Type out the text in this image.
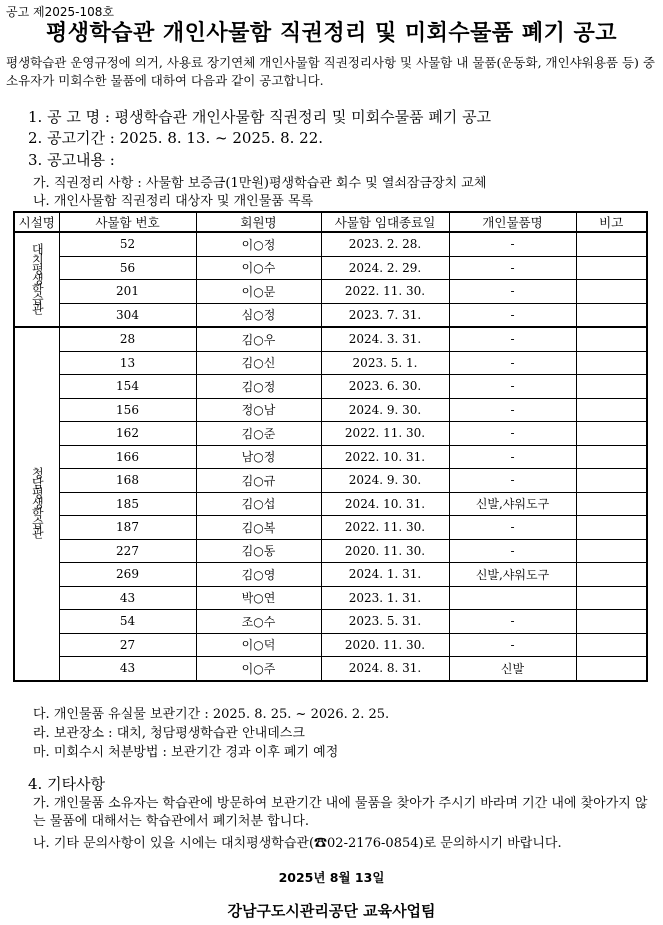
공고 제2025-108호
평생학습관 개인사물함 직권정리 및 미회수물품 폐기 공고
평생학습관 운영규정에 의거, 사용료 장기연체 개인사물함 직권정리사항 및 사물함 내 물품(운동화, 개인샤워용품 등) 중 소유자가 미회수한 물품에 대하여 다음과 같이 공고합니다.
1. 공 고 명 : 평생학습관 개인사물함 직권정리 및 미회수물품 폐기 공고
2. 공고기간 : 2025. 8. 13. ~ 2025. 8. 22.
3. 공고내용 :
가. 직권정리 사항 : 사물함 보증금(1만원)평생학습관 회수 및 열쇠잠금장치 교체
나. 개인사물함 직권정리 대상자 및 개인물품 목록
시설명	사물함 번호	회원명	사물함 임대종료일	개인물품명	비고
대치평생학습관	52	이○정	2023. 2. 28.	-	
	56	이○수	2024. 2. 29.	-	
	201	이○문	2022. 11. 30.	-	
	304	심○정	2023. 7. 31.	-	
청담평생학습관	28	김○우	2024. 3. 31.	-	
	13	김○신	2023. 5. 1.	-	
	154	김○정	2023. 6. 30.	-	
	156	정○남	2024. 9. 30.	-	
	162	김○준	2022. 11. 30.	-	
	166	남○정	2022. 10. 31.	-	
	168	김○규	2024. 9. 30.	-	
	185	김○섭	2024. 10. 31.	신발,샤워도구	
	187	김○복	2022. 11. 30.	-	
	227	김○동	2020. 11. 30.	-	
	269	김○영	2024. 1. 31.	신발,샤워도구	
	43	박○연	2023. 1. 31.		
	54	조○수	2023. 5. 31.	-	
	27	이○덕	2020. 11. 30.	-	
	43	이○주	2024. 8. 31.	신발	
다. 개인물품 유실물 보관기간 : 2025. 8. 25. ~ 2026. 2. 25.
라. 보관장소 : 대치, 청담평생학습관 안내데스크
마. 미회수시 처분방법 : 보관기간 경과 이후 폐기 예정
4. 기타사항
가. 개인물품 소유자는 학습관에 방문하여 보관기간 내에 물품을 찾아가 주시기 바라며 기간 내에 찾아가지 않는 물품에 대해서는 학습관에서 폐기처분 합니다.
나. 기타 문의사항이 있을 시에는 대치평생학습관(☎02-2176-0854)로 문의하시기 바랍니다.
2025년 8월 13일
강남구도시관리공단 교육사업팀
